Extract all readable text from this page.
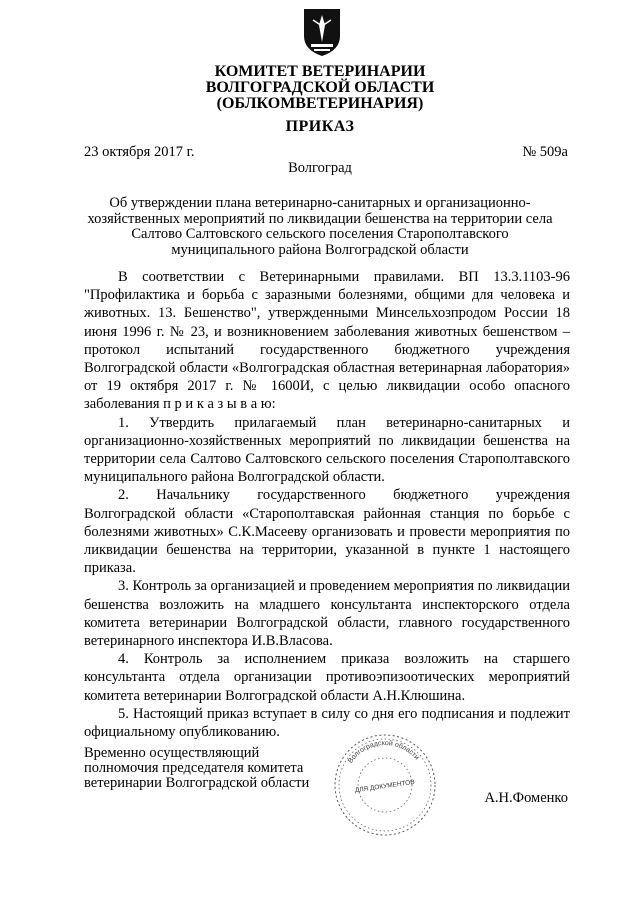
КОМИТЕТ ВЕТЕРИНАРИИ
ВОЛГОГРАДСКОЙ ОБЛАСТИ
(ОБЛКОМВЕТЕРИНАРИЯ)
ПРИКАЗ
23 октября 2017 г.	№ 509а
Волгоград
Об утверждении плана ветеринарно-санитарных и организационно-
хозяйственных мероприятий по ликвидации бешенства на территории села
Салтово Салтовского сельского поселения Старополтавского
муниципального района Волгоградской области

В соответствии с Ветеринарными правилами. ВП 13.3.1103-96 "Профилактика и борьба с заразными болезнями, общими для человека и животных. 13. Бешенство", утвержденными Минсельхозпродом России 18 июня 1996 г. № 23, и возникновением заболевания животных бешенством – протокол испытаний государственного бюджетного учреждения Волгоградской области «Волгоградская областная ветеринарная лаборатория» от 19 октября 2017 г. № 1600И, с целью ликвидации особо опасного заболевания п р и к а з ы в а ю:

1. Утвердить прилагаемый план ветеринарно-санитарных и организационно-хозяйственных мероприятий по ликвидации бешенства на территории села Салтово Салтовского сельского поселения Старополтавского муниципального района Волгоградской области.

2. Начальнику государственного бюджетного учреждения Волгоградской области «Старополтавская районная станция по борьбе с болезнями животных» С.К.Масееву организовать и провести мероприятия по ликвидации бешенства на территории, указанной в пункте 1 настоящего приказа.

3. Контроль за организацией и проведением мероприятия по ликвидации бешенства возложить на младшего консультанта инспекторского отдела комитета ветеринарии Волгоградской области, главного государственного ветеринарного инспектора И.В.Власова.

4. Контроль за исполнением приказа возложить на старшего консультанта отдела организации противоэпизоотических мероприятий комитета ветеринарии Волгоградской области А.Н.Клюшина.

5. Настоящий приказ вступает в силу со дня его подписания и подлежит официальному опубликованию.

Временно осуществляющий
полномочия председателя комитета
ветеринарии Волгоградской области
Волгоградской области
ДЛЯ ДОКУМЕНТОВ
А.Н.Фоменко
